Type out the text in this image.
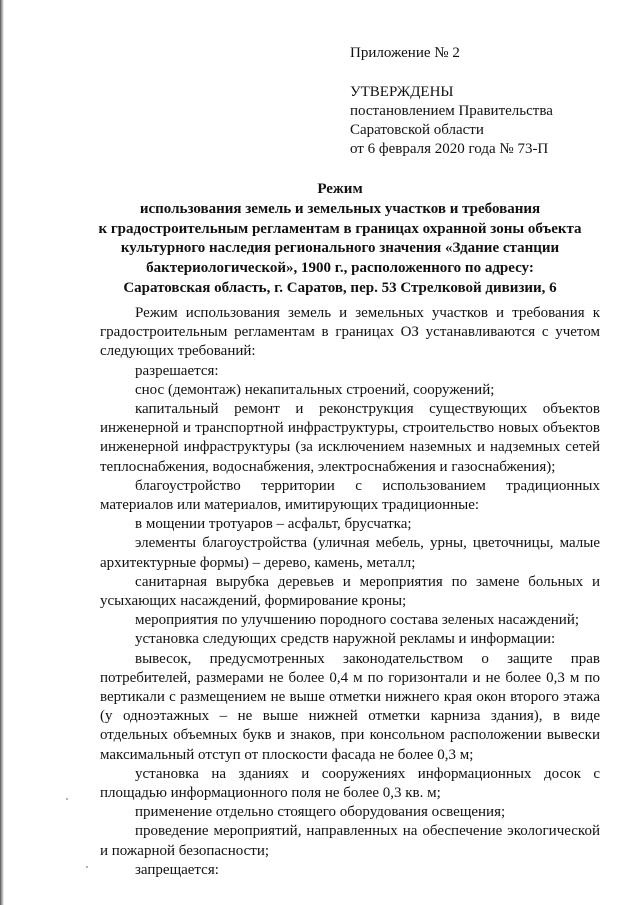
Приложение № 2
УТВЕРЖДЕНЫ
постановлением Правительства
Саратовской области
от 6 февраля 2020 года № 73-П
Режим
использования земель и земельных участков и требования
к градостроительным регламентам в границах охранной зоны объекта
культурного наследия регионального значения «Здание станции
бактериологической», 1900 г., расположенного по адресу:
Саратовская область, г. Саратов, пер. 53 Стрелковой дивизии, 6

Режим использования земель и земельных участков и требования к градостроительным регламентам в границах ОЗ устанавливаются с учетом следующих требований:

разрешается:

снос (демонтаж) некапитальных строений, сооружений;

капитальный ремонт и реконструкция существующих объектов инженерной и транспортной инфраструктуры, строительство новых объектов инженерной инфраструктуры (за исключением наземных и надземных сетей теплоснабжения, водоснабжения, электроснабжения и газоснабжения);

благоустройство территории с использованием традиционных материалов или материалов, имитирующих традиционные:

в мощении тротуаров – асфальт, брусчатка;

элементы благоустройства (уличная мебель, урны, цветочницы, малые архитектурные формы) – дерево, камень, металл;

санитарная вырубка деревьев и мероприятия по замене больных и усыхающих насаждений, формирование кроны;

мероприятия по улучшению породного состава зеленых насаждений;

установка следующих средств наружной рекламы и информации:

вывесок, предусмотренных законодательством о защите прав потребителей, размерами не более 0,4 м по горизонтали и не более 0,3 м по вертикали с размещением не выше отметки нижнего края окон второго этажа (у одноэтажных – не выше нижней отметки карниза здания), в виде отдельных объемных букв и знаков, при консольном расположении вывески максимальный отступ от плоскости фасада не более 0,3 м;

установка на зданиях и сооружениях информационных досок с площадью информационного поля не более 0,3 кв. м;

применение отдельно стоящего оборудования освещения;

проведение мероприятий, направленных на обеспечение экологической и пожарной безопасности;

запрещается:
